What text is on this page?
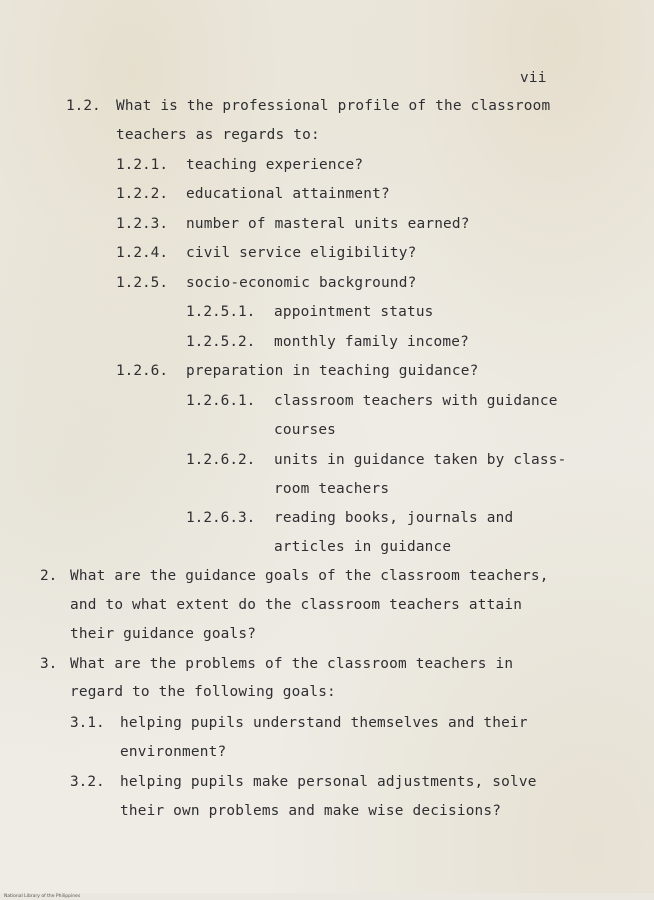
vii
1.2. What is the professional profile of the classroom
teachers as regards to:
1.2.1. teaching experience?
1.2.2. educational attainment?
1.2.3. number of masteral units earned?
1.2.4. civil service eligibility?
1.2.5. socio-economic background?
1.2.5.1. appointment status
1.2.5.2. monthly family income?
1.2.6. preparation in teaching guidance?
1.2.6.1. classroom teachers with guidance
courses
1.2.6.2. units in guidance taken by class-
room teachers
1.2.6.3. reading books, journals and
articles in guidance
2. What are the guidance goals of the classroom teachers,
and to what extent do the classroom teachers attain
their guidance goals?
3. What are the problems of the classroom teachers in
regard to the following goals:
3.1. helping pupils understand themselves and their
environment?
3.2. helping pupils make personal adjustments, solve
their own problems and make wise decisions?
National Library of the Philippines
